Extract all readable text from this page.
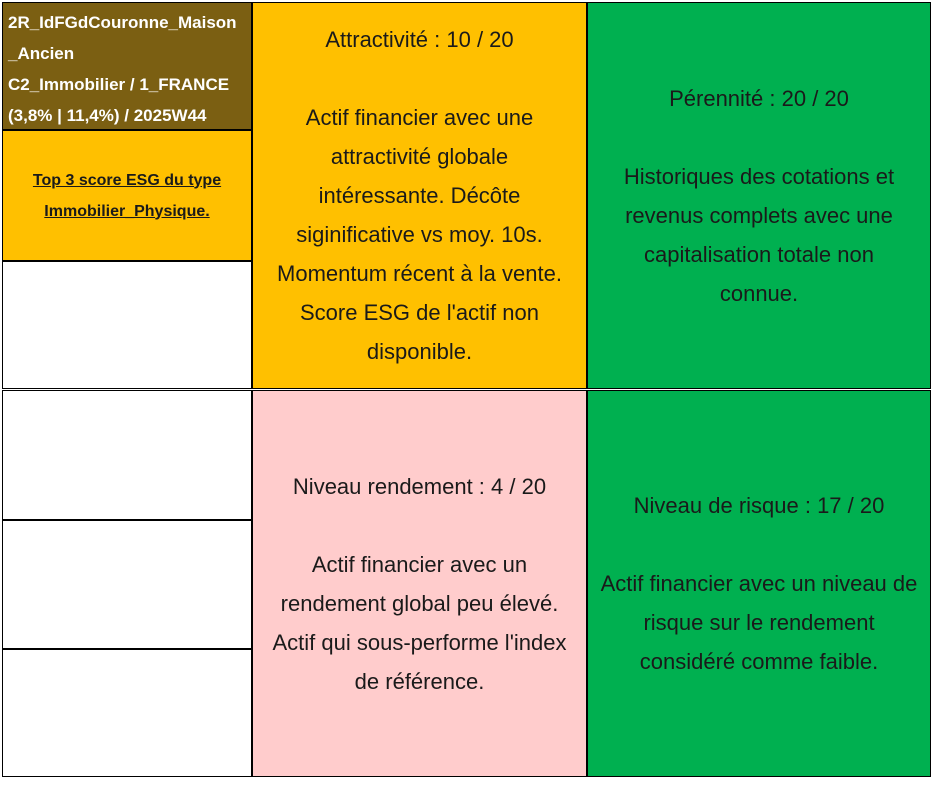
2R_IdFGdCouronne_Maison
_Ancien
C2_Immobilier / 1_FRANCE
(3,8% | 11,4%) / 2025W44
Top 3 score ESG du type
Immobilier_Physique.
Attractivité : 10 / 20
Actif financier avec une
attractivité globale
intéressante. Décôte
siginificative vs moy. 10s.
Momentum récent à la vente.
Score ESG de l'actif non
disponible.
Pérennité : 20 / 20
Historiques des cotations et
revenus complets avec une
capitalisation totale non
connue.
Niveau rendement : 4 / 20
Actif financier avec un
rendement global peu élevé.
Actif qui sous-performe l'index
de référence.
Niveau de risque : 17 / 20
Actif financier avec un niveau de
risque sur le rendement
considéré comme faible.
